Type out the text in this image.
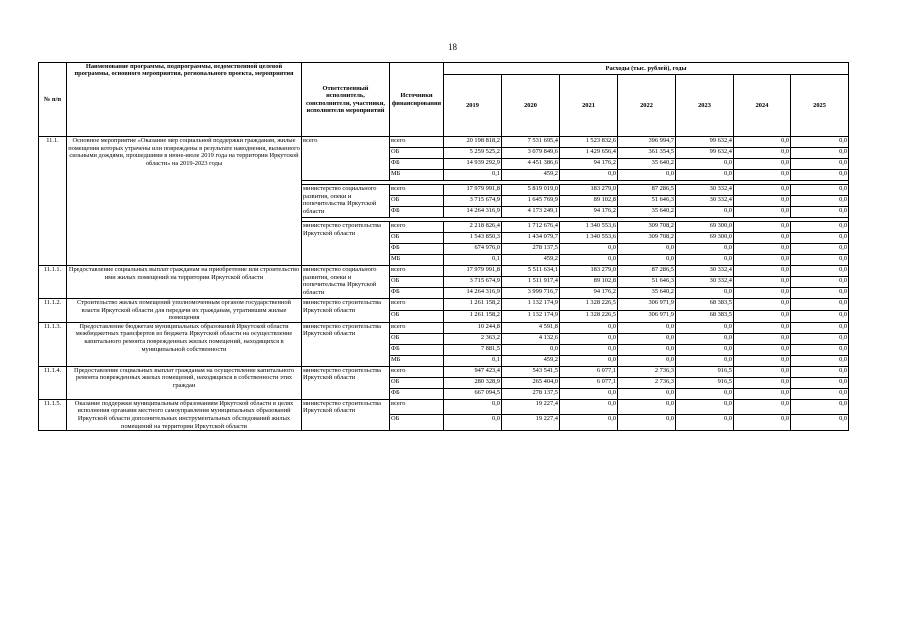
18
№ п/п	Наименование программы, подпрограммы, ведомственной целевой программы, основного мероприятия, регионального проекта, мероприятия	Ответственный исполнитель, соисполнители, участники, исполнители мероприятий	Источники финансирования	Расходы (тыс. рублей), годы						
				2019	2020	2021	2022	2023	2024	2025
11.1.	Основное мероприятие «Оказание мер социальной поддержки гражданам, жилые помещения которых утрачены или повреждены в результате наводнения, вызванного сильными дождями, прошедшими в июне-июле 2019 года на территории Иркутской области» на 2019-2023 годы	всего	всего	20 198 818,2	7 531 695,4	1 523 832,6	396 994,7	99 632,4	0,0	0,0
			ОБ	5 259 525,2	3 079 849,6	1 429 656,4	361 354,5	99 632,4	0,0	0,0
			ФБ	14 939 292,9	4 451 386,6	94 176,2	35 640,2	0,0	0,0	0,0
			МБ	0,1	459,2	0,0	0,0	0,0	0,0	0,0

		министерство социального развития, опеки и попечительства Иркутской области	всего	17 979 991,8	5 819 019,0	183 279,0	87 286,5	30 332,4	0,0	0,0
			ОБ	3 715 674,9	1 645 769,9	89 102,8	51 646,3	30 332,4	0,0	0,0
			ФБ	14 264 316,9	4 173 249,1	94 176,2	35 640,2	0,0	0,0	0,0

		министерство строительства Иркутской области	всего	2 218 826,4	1 712 676,4	1 340 553,6	309 708,2	69 300,0	0,0	0,0
			ОБ	1 543 850,3	1 434 079,7	1 340 553,6	309 708,2	69 300,0	0,0	0,0
			ФБ	674 976,0	278 137,5	0,0	0,0	0,0	0,0	0,0
			МБ	0,1	459,2	0,0	0,0	0,0	0,0	0,0
11.1.1.	Предоставление социальных выплат гражданам на приобретение или строительство ими жилых помещений на территории Иркутской области	министерство социального развития, опеки и попечительства Иркутской области	всего	17 979 991,8	5 511 634,1	183 279,0	87 286,5	30 332,4	0,0	0,0
			ОБ	3 715 674,9	1 511 917,4	89 102,8	51 646,3	30 332,4	0,0	0,0
			ФБ	14 264 316,9	3 999 716,7	94 176,2	35 640,2	0,0	0,0	0,0
11.1.2.	Строительство жилых помещений уполномоченным органом государственной власти Иркутской области для передачи их гражданам, утратившим жилые помещения	министерство строительства Иркутской области	всего	1 261 158,2	1 132 174,9	1 328 226,5	306 971,9	68 383,5	0,0	0,0
			ОБ	1 261 158,2	1 132 174,9	1 328 226,5	306 971,9	68 383,5	0,0	0,0
11.1.3.	Предоставление бюджетам муниципальных образований Иркутской области межбюджетных трансфертов из бюджета Иркутской области на осуществление капитального ремонта поврежденных жилых помещений, находящихся в муниципальной собственности	министерство строительства Иркутской области	всего	10 244,8	4 591,8	0,0	0,0	0,0	0,0	0,0
			ОБ	2 363,2	4 132,6	0,0	0,0	0,0	0,0	0,0
			ФБ	7 881,5	0,0	0,0	0,0	0,0	0,0	0,0
			МБ	0,1	459,2	0,0	0,0	0,0	0,0	0,0
11.1.4.	Предоставление социальных выплат гражданам на осуществление капитального ремонта поврежденных жилых помещений, находящихся в собственности этих граждан	министерство строительства Иркутской области	всего	947 423,4	543 541,5	6 077,1	2 736,3	916,5	0,0	0,0
			ОБ	280 328,9	265 404,0	6 077,1	2 736,3	916,5	0,0	0,0
			ФБ	667 094,5	278 137,5	0,0	0,0	0,0	0,0	0,0
11.1.5.	Оказание поддержки муниципальным образованиям Иркутской области в целях исполнения органами местного самоуправления муниципальных образований Иркутской области дополнительных инструментальных обследований жилых помещений на территории Иркутской области	министерство строительства Иркутской области	всего	0,0	19 227,4	0,0	0,0	0,0	0,0	0,0
			ОБ	0,0	19 227,4	0,0	0,0	0,0	0,0	0,0
